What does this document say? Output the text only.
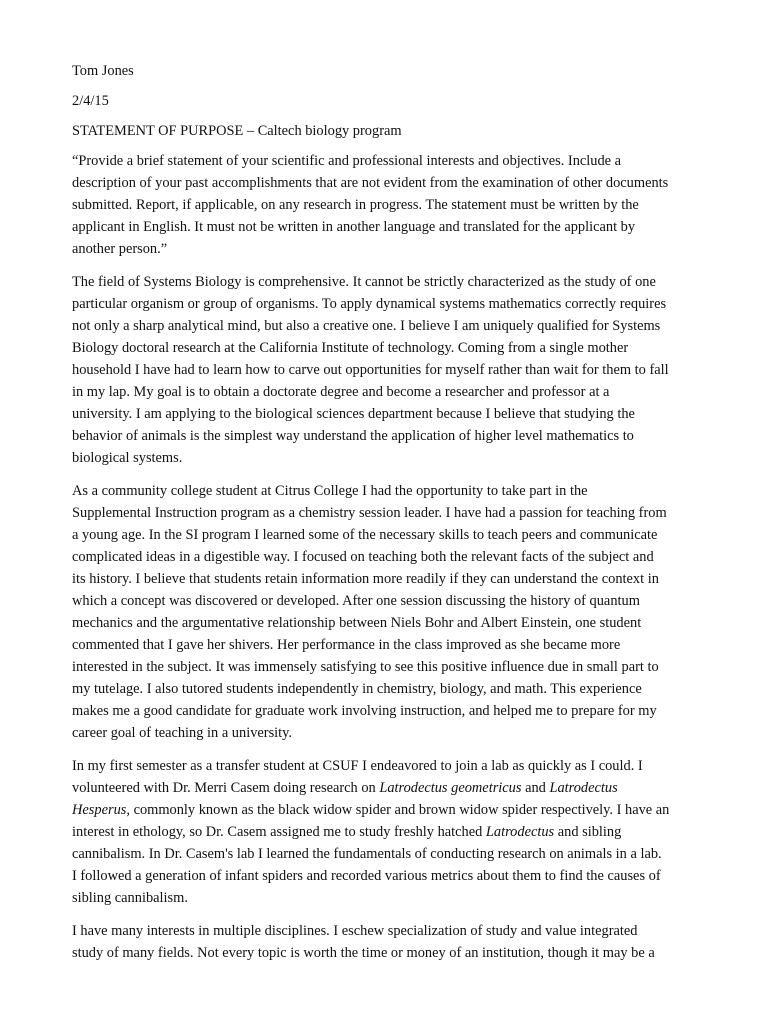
Tom Jones
2/4/15
STATEMENT OF PURPOSE – Caltech biology program
“Provide a brief statement of your scientific and professional interests and objectives. Include a
description of your past accomplishments that are not evident from the examination of other documents
submitted. Report, if applicable, on any research in progress. The statement must be written by the
applicant in English. It must not be written in another language and translated for the applicant by
another person.”
The field of Systems Biology is comprehensive. It cannot be strictly characterized as the study of one
particular organism or group of organisms. To apply dynamical systems mathematics correctly requires
not only a sharp analytical mind, but also a creative one. I believe I am uniquely qualified for Systems
Biology doctoral research at the California Institute of technology. Coming from a single mother
household I have had to learn how to carve out opportunities for myself rather than wait for them to fall
in my lap. My goal is to obtain a doctorate degree and become a researcher and professor at a
university. I am applying to the biological sciences department because I believe that studying the
behavior of animals is the simplest way understand the application of higher level mathematics to
biological systems.
As a community college student at Citrus College I had the opportunity to take part in the
Supplemental Instruction program as a chemistry session leader. I have had a passion for teaching from
a young age. In the SI program I learned some of the necessary skills to teach peers and communicate
complicated ideas in a digestible way. I focused on teaching both the relevant facts of the subject and
its history. I believe that students retain information more readily if they can understand the context in
which a concept was discovered or developed. After one session discussing the history of quantum
mechanics and the argumentative relationship between Niels Bohr and Albert Einstein, one student
commented that I gave her shivers. Her performance in the class improved as she became more
interested in the subject. It was immensely satisfying to see this positive influence due in small part to
my tutelage. I also tutored students independently in chemistry, biology, and math. This experience
makes me a good candidate for graduate work involving instruction, and helped me to prepare for my
career goal of teaching in a university.
In my first semester as a transfer student at CSUF I endeavored to join a lab as quickly as I could. I
volunteered with Dr. Merri Casem doing research on Latrodectus geometricus and Latrodectus
Hesperus, commonly known as the black widow spider and brown widow spider respectively. I have an
interest in ethology, so Dr. Casem assigned me to study freshly hatched Latrodectus and sibling
cannibalism. In Dr. Casem's lab I learned the fundamentals of conducting research on animals in a lab.
I followed a generation of infant spiders and recorded various metrics about them to find the causes of
sibling cannibalism.
I have many interests in multiple disciplines. I eschew specialization of study and value integrated
study of many fields. Not every topic is worth the time or money of an institution, though it may be a
